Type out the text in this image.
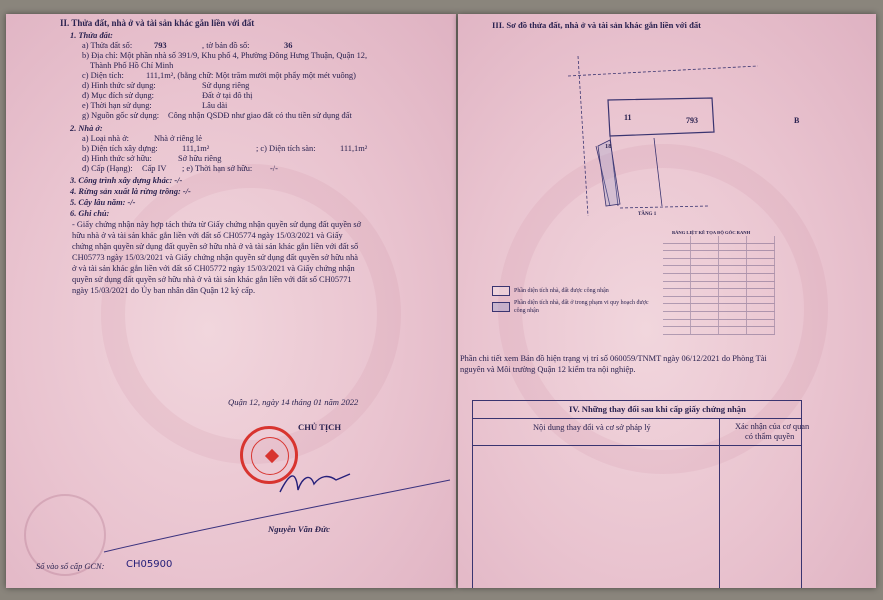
II. Thửa đất, nhà ở và tài sản khác gắn liền với đất
1. Thửa đất:
a) Thửa đất số:	793	, tờ bản đồ số:	36
b) Địa chỉ: Một phần nhà số 391/9, Khu phố 4, Phường Đông Hưng Thuận, Quận 12,
Thành Phố Hồ Chí Minh
c) Diện tích:	111,1m², (bằng chữ: Một trăm mười một phẩy một mét vuông)
d) Hình thức sử dụng:	Sử dụng riêng
đ) Mục đích sử dụng:	Đất ở tại đô thị
e) Thời hạn sử dụng:	Lâu dài
g) Nguồn gốc sử dụng: Công nhận QSDĐ như giao đất có thu tiền sử dụng đất
2. Nhà ở:
a) Loại nhà ở:	Nhà ở riêng lẻ
b) Diện tích xây dựng:	111,1m²	; c) Diện tích sàn:	111,1m²
d) Hình thức sở hữu:	Sở hữu riêng
đ) Cấp (Hạng): Cấp IV ; e) Thời hạn sở hữu: -/-
3. Công trình xây dựng khác: -/-
4. Rừng sản xuất là rừng trồng: -/-
5. Cây lâu năm: -/-
6. Ghi chú:
- Giấy chứng nhận này hợp tách thửa từ Giấy chứng nhận quyền sử dụng đất quyền sở
hữu nhà ở và tài sản khác gắn liền với đất số CH05774 ngày 15/03/2021 và Giấy
chứng nhận quyền sử dụng đất quyền sở hữu nhà ở và tài sản khác gắn liền với đất số
CH05773 ngày 15/03/2021 và Giấy chứng nhận quyền sử dụng đất quyền sở hữu nhà
ở và tài sản khác gắn liền với đất số CH05772 ngày 15/03/2021 và Giấy chứng nhận
quyền sử dụng đất quyền sở hữu nhà ở và tài sản khác gắn liền với đất số CH05771
ngày 15/03/2021 do Ủy ban nhân dân Quận 12 ký cấp.
Quận 12, ngày 14 tháng 01 năm 2022
CHỦ TỊCH
Nguyễn Văn Đức
Số vào sổ cấp GCN: CH05900
III. Sơ đồ thửa đất, nhà ở và tài sản khác gắn liền với đất
793
11
18
TẦNG 1
B
BẢNG LIỆT KÊ TỌA ĐỘ GÓC RANH
Phần diện tích nhà, đất được công nhận
Phần diện tích nhà, đất ở trong phạm vi quy hoạch được công nhận
Phần chi tiết xem Bản đồ hiện trạng vị trí số 060059/TNMT ngày 06/12/2021 do Phòng Tài
nguyên và Môi trường Quận 12 kiểm tra nội nghiệp.
IV. Những thay đổi sau khi cấp giấy chứng nhận
Nội dung thay đổi và cơ sở pháp lý	Xác nhận của cơ quan
có thẩm quyền
